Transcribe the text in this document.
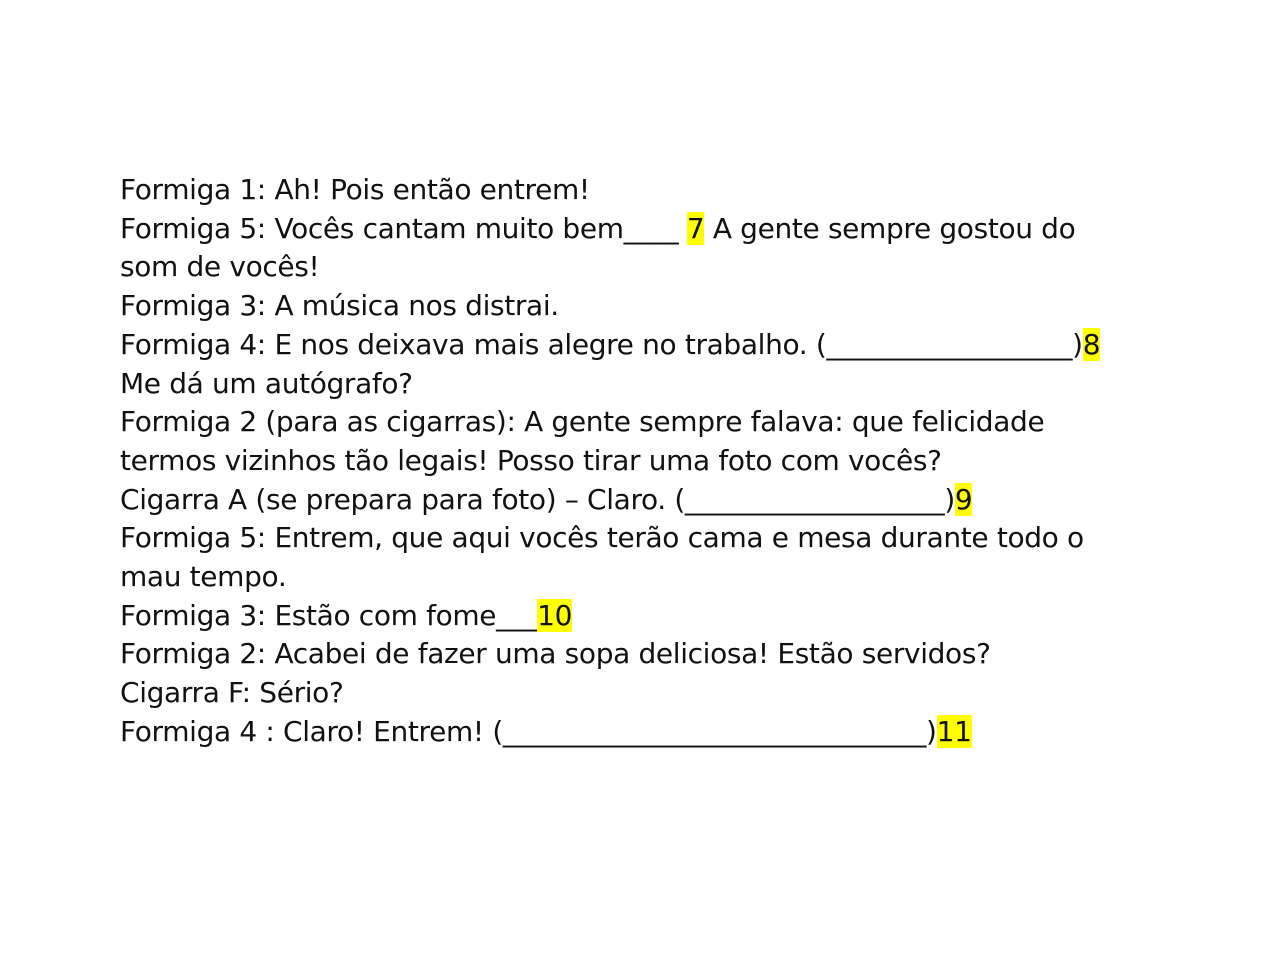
Formiga 1: Ah! Pois então entrem!
Formiga 5: Vocês cantam muito bem____ 7 A gente sempre gostou do
som de vocês!
Formiga 3: A música nos distrai.
Formiga 4: E nos deixava mais alegre no trabalho. (__________________)8
Me dá um autógrafo?
Formiga 2 (para as cigarras): A gente sempre falava: que felicidade
termos vizinhos tão legais! Posso tirar uma foto com vocês?
Cigarra A (se prepara para foto) – Claro. (___________________)9
Formiga 5: Entrem, que aqui vocês terão cama e mesa durante todo o
mau tempo.
Formiga 3: Estão com fome___10
Formiga 2: Acabei de fazer uma sopa deliciosa! Estão servidos?
Cigarra F: Sério?
Formiga 4 : Claro! Entrem! (_______________________________)11
